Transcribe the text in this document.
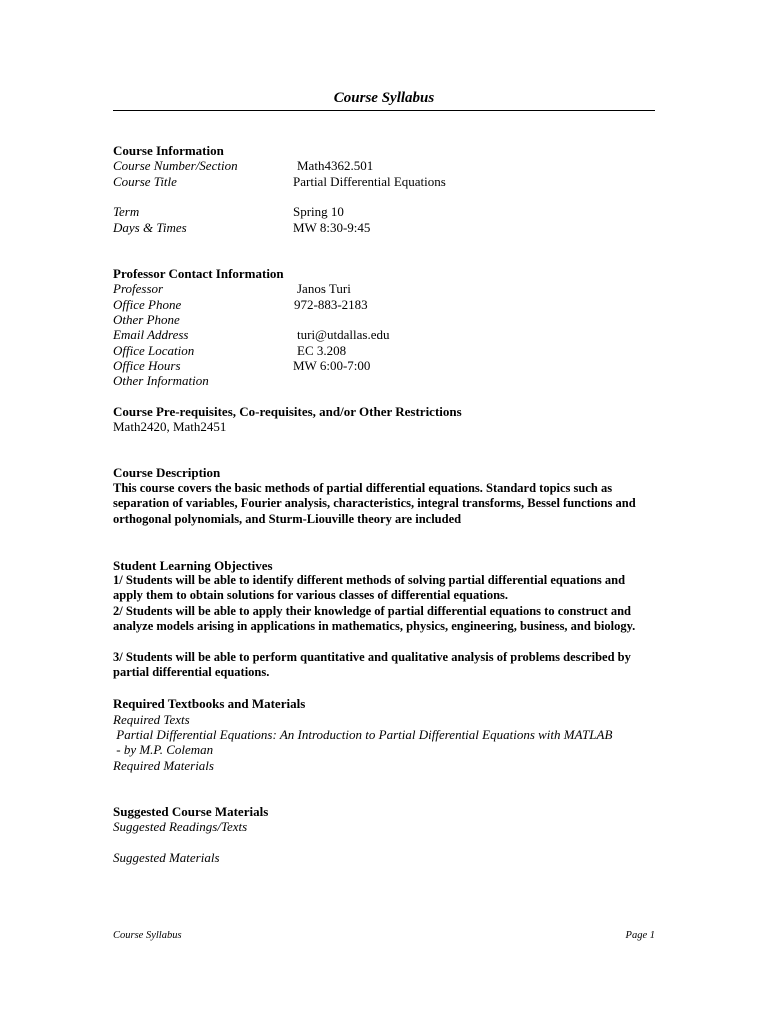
Course Syllabus
Course Information
Course Number/Section	Math4362.501
Course Title	Partial Differential Equations
Term	Spring 10
Days & Times	MW 8:30-9:45
Professor Contact Information
Professor	Janos Turi
Office Phone	972-883-2183
Other Phone
Email Address	turi@utdallas.edu
Office Location	EC 3.208
Office Hours	MW 6:00-7:00
Other Information
Course Pre-requisites, Co-requisites, and/or Other Restrictions
Math2420, Math2451
Course Description
This course covers the basic methods of partial differential equations. Standard topics such as separation of variables, Fourier analysis, characteristics, integral transforms, Bessel functions and orthogonal polynomials, and Sturm-Liouville theory are included
Student Learning Objectives
1/ Students will be able to identify different methods of solving partial differential equations and apply them to obtain solutions for various classes of differential equations.
2/ Students will be able to apply their knowledge of partial differential equations to construct and analyze models arising in applications in mathematics, physics, engineering, business, and biology.
3/ Students will be able to perform quantitative and qualitative analysis of problems described by partial differential equations.
Required Textbooks and Materials
Required Texts
Partial Differential Equations: An Introduction to Partial Differential Equations with MATLAB
- by M.P. Coleman
Required Materials
Suggested Course Materials
Suggested Readings/Texts
Suggested Materials
Course Syllabus	Page 1
